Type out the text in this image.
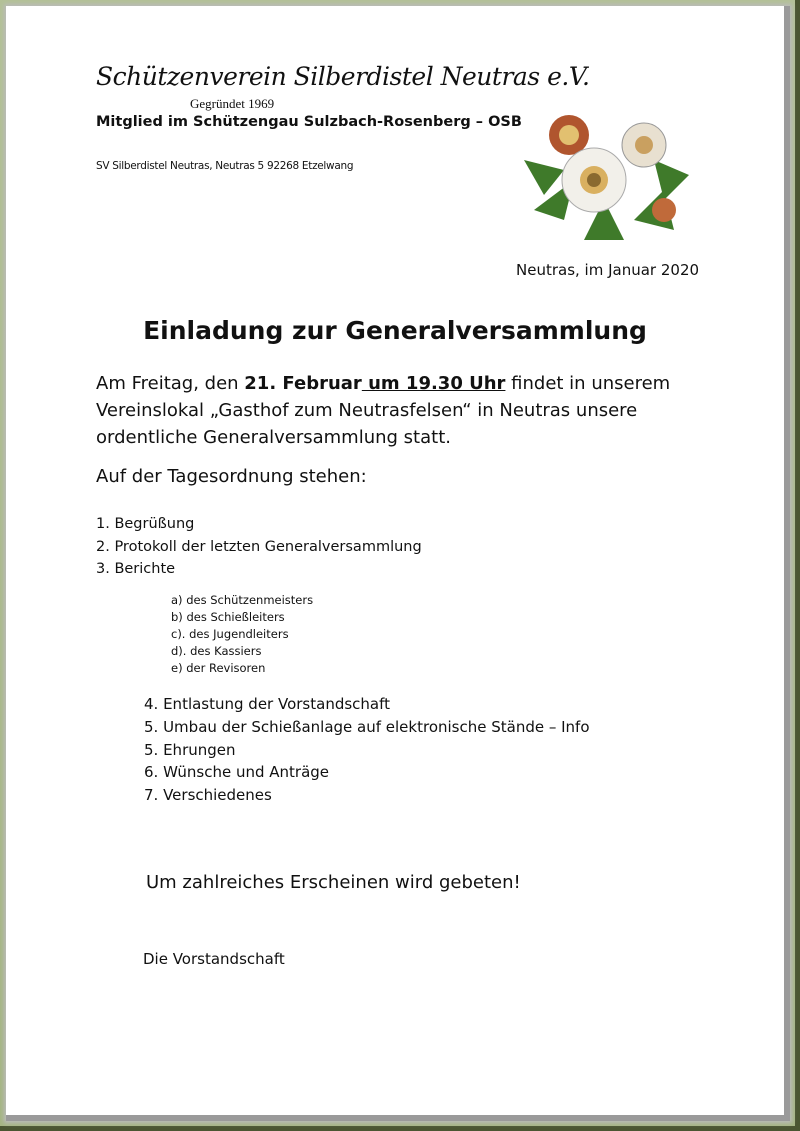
Schützenverein Silberdistel Neutras e.V.
Gegründet 1969
Mitglied im Schützengau Sulzbach-Rosenberg – OSB
SV Silberdistel Neutras, Neutras 5 92268 Etzelwang
Neutras, im Januar 2020
Einladung zur Generalversammlung
Am Freitag, den 21. Februar um 19.30 Uhr findet in unserem
Vereinslokal „Gasthof zum Neutrasfelsen“ in Neutras unsere
ordentliche Generalversammlung statt.
Auf der Tagesordnung stehen:
1. Begrüßung
2. Protokoll der letzten Generalversammlung
3. Berichte
a) des Schützenmeisters
b) des Schießleiters
c). des Jugendleiters
d). des Kassiers
e) der Revisoren
4. Entlastung der Vorstandschaft
5. Umbau der Schießanlage auf elektronische Stände – Info
5. Ehrungen
6. Wünsche und Anträge
7. Verschiedenes
Um zahlreiches Erscheinen wird gebeten!
Die Vorstandschaft
